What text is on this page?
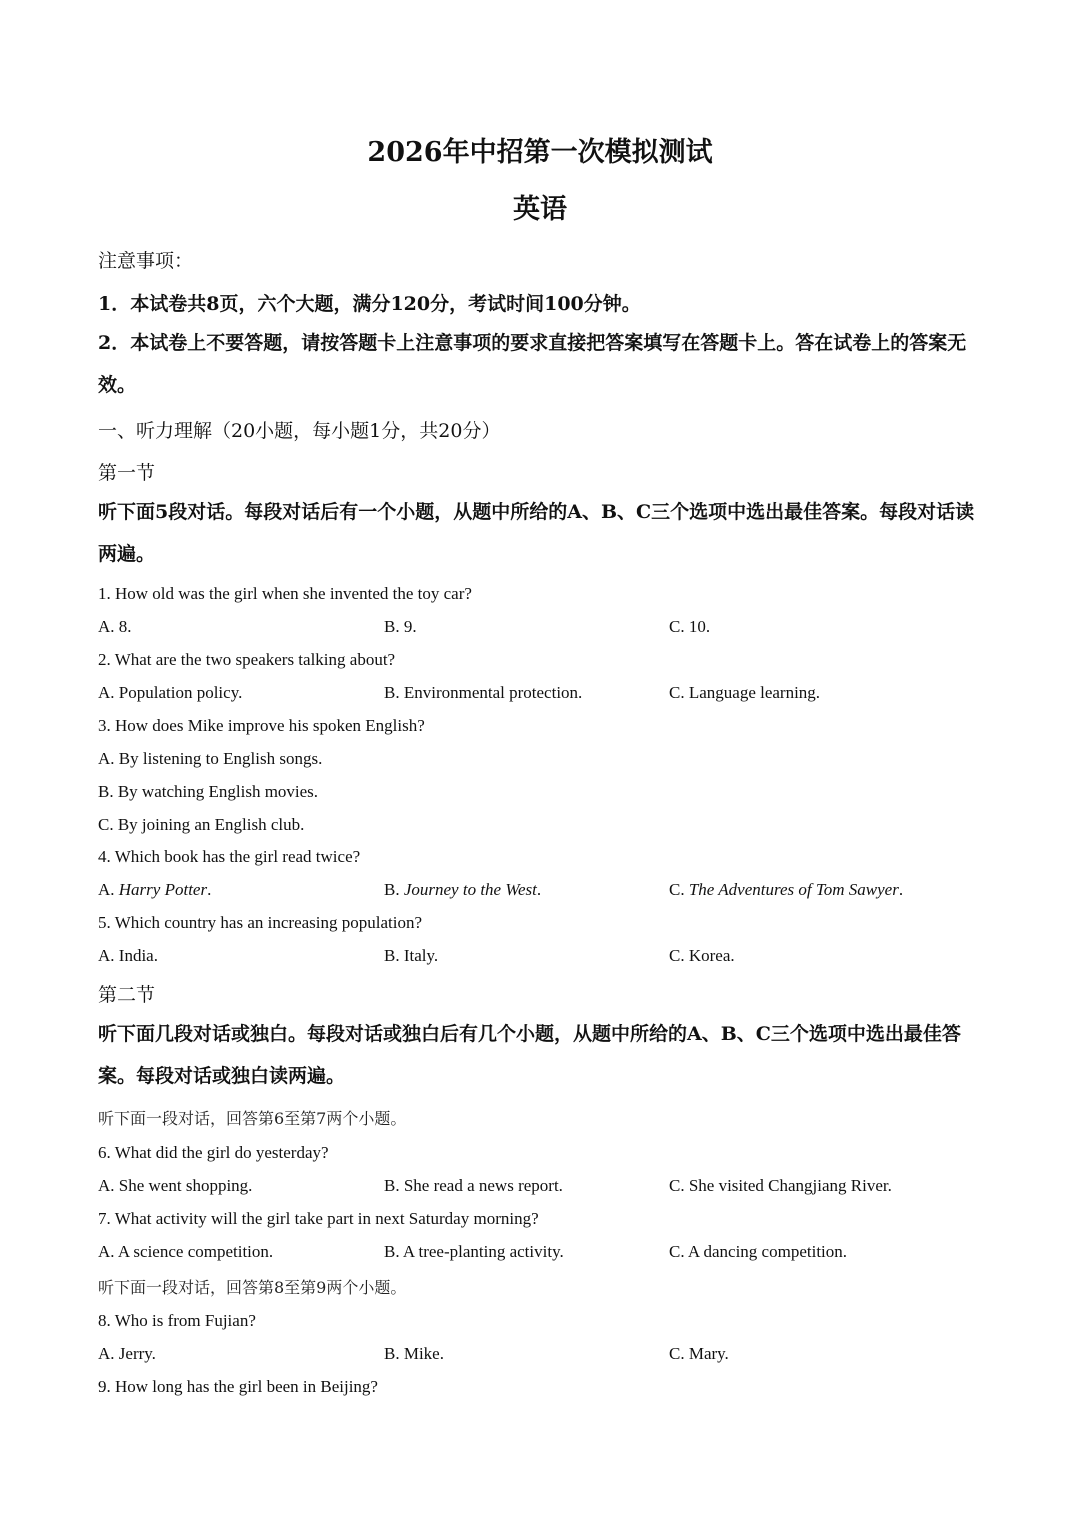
2026年中招第一次模拟测试
英语

注意事项：

1．本试卷共8页，六个大题，满分120分，考试时间100分钟。

2．本试卷上不要答题，请按答题卡上注意事项的要求直接把答案填写在答题卡上。答在试卷上的答案无效。

一、听力理解（20小题，每小题1分，共20分）

第一节

听下面5段对话。每段对话后有一个小题，从题中所给的A、B、C三个选项中选出最佳答案。每段对话读两遍。

1. How old was the girl when she invented the toy car?

A. 8.	B. 9.	C. 10.

2. What are the two speakers talking about?

A. Population policy.	B. Environmental protection.	C. Language learning.

3. How does Mike improve his spoken English?

A. By listening to English songs.

B. By watching English movies.

C. By joining an English club.

4. Which book has the girl read twice?

A. Harry Potter.	B. Journey to the West.	C. The Adventures of Tom Sawyer.

5. Which country has an increasing population?

A. India.	B. Italy.	C. Korea.

第二节

听下面几段对话或独白。每段对话或独白后有几个小题，从题中所给的A、B、C三个选项中选出最佳答案。每段对话或独白读两遍。

听下面一段对话，回答第6至第7两个小题。

6. What did the girl do yesterday?

A. She went shopping.	B. She read a news report.	C. She visited Changjiang River.

7. What activity will the girl take part in next Saturday morning?

A. A science competition.	B. A tree-planting activity.	C. A dancing competition.

听下面一段对话，回答第8至第9两个小题。

8. Who is from Fujian?

A. Jerry.	B. Mike.	C. Mary.

9. How long has the girl been in Beijing?
